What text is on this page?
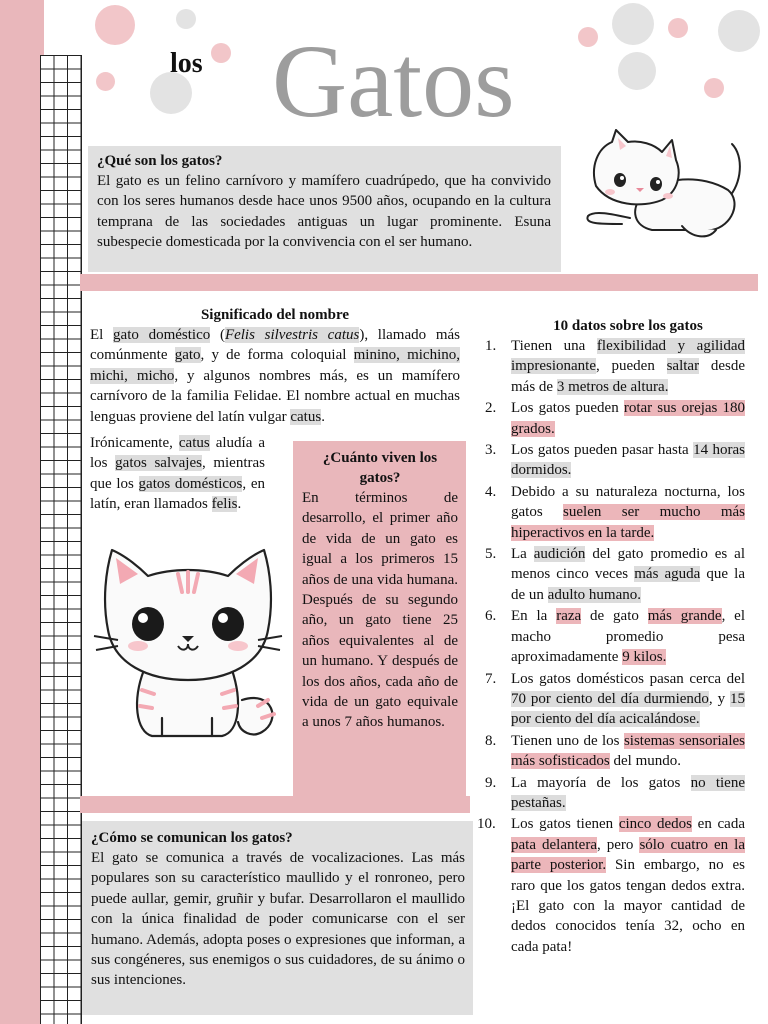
los Gatos

¿Qué son los gatos?

El gato es un felino carnívoro y mamífero cuadrúpedo, que ha convivido con los seres humanos desde hace unos 9500 años, ocupando en la cultura temprana de las sociedades antiguas un lugar prominente. Esuna subespecie domesticada por la convivencia con el ser humano.

Significado del nombre

El gato doméstico (Felis silvestris catus), llamado más comúnmente gato, y de forma coloquial minino, michino, michi, micho, y algunos nombres más, es un mamífero carnívoro de la familia Felidae. El nombre actual en muchas lenguas proviene del latín vulgar catus.

Irónicamente, catus aludía a los gatos salvajes, mientras que los gatos domésticos, en latín, eran llamados felis.

¿Cuánto viven los gatos?

En términos de desarrollo, el primer año de vida de un gato es igual a los primeros 15 años de una vida humana. Después de su segundo año, un gato tiene 25 años equivalentes al de un humano. Y después de los dos años, cada año de vida de un gato equivale a unos 7 años humanos.

¿Cómo se comunican los gatos?

El gato se comunica a través de vocalizaciones. Las más populares son su característico maullido y el ronroneo, pero puede aullar, gemir, gruñir y bufar. Desarrollaron el maullido con la única finalidad de poder comunicarse con el ser humano. Además, adopta poses o expresiones que informan, a sus congéneres, sus enemigos o sus cuidadores, de su ánimo o sus intenciones.

10 datos sobre los gatos

1. Tienen una flexibilidad y agilidad impresionante, pueden saltar desde más de 3 metros de altura.
2. Los gatos pueden rotar sus orejas 180 grados.
3. Los gatos pueden pasar hasta 14 horas dormidos.
4. Debido a su naturaleza nocturna, los gatos suelen ser mucho más hiperactivos en la tarde.
5. La audición del gato promedio es al menos cinco veces más aguda que la de un adulto humano.
6. En la raza de gato más grande, el macho promedio pesa aproximadamente 9 kilos.
7. Los gatos domésticos pasan cerca del 70 por ciento del día durmiendo, y 15 por ciento del día acicalándose.
8. Tienen uno de los sistemas sensoriales más sofisticados del mundo.
9. La mayoría de los gatos no tiene pestañas.
10. Los gatos tienen cinco dedos en cada pata delantera, pero sólo cuatro en la parte posterior. Sin embargo, no es raro que los gatos tengan dedos extra. ¡El gato con la mayor cantidad de dedos conocidos tenía 32, ocho en cada pata!
